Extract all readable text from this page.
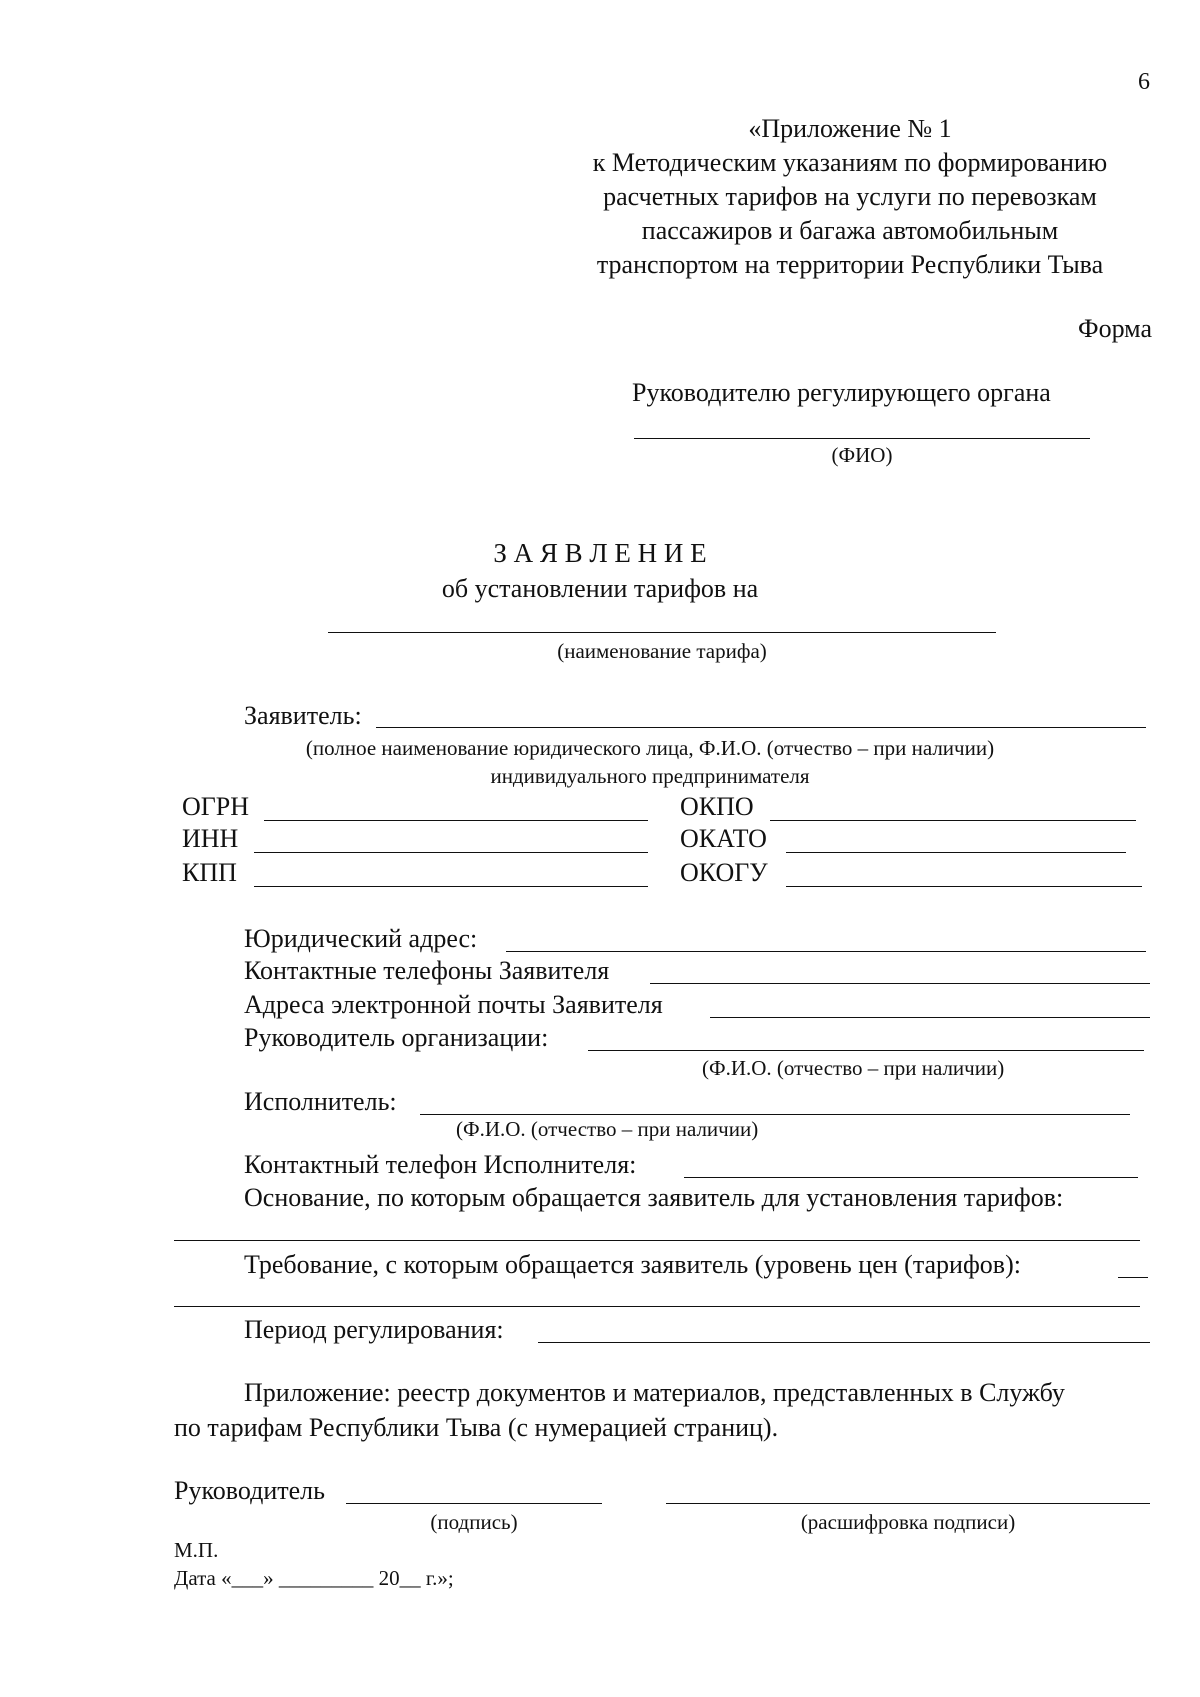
6
«Приложение № 1
к Методическим указаниям по формированию
расчетных тарифов на услуги по перевозкам
пассажиров и багажа автомобильным
транспортом на территории Республики Тыва
Форма
Руководителю регулирующего органа
(ФИО)
З А Я В Л Е Н И Е
об установлении тарифов на
(наименование тарифа)
Заявитель:
(полное наименование юридического лица, Ф.И.О. (отчество – при наличии)
индивидуального предпринимателя
ОГРН	ОКПО
ИНН	ОКАТО
КПП	ОКОГУ
Юридический адрес:
Контактные телефоны Заявителя
Адреса электронной почты Заявителя
Руководитель организации:
(Ф.И.О. (отчество – при наличии)
Исполнитель:
(Ф.И.О. (отчество – при наличии)
Контактный телефон Исполнителя:
Основание, по которым обращается заявитель для установления тарифов:
Требование, с которым обращается заявитель (уровень цен (тарифов):
Период регулирования:
Приложение: реестр документов и материалов, представленных в Службу
по тарифам Республики Тыва (с нумерацией страниц).
Руководитель
(подпись)	(расшифровка подписи)
М.П.
Дата «___» _________ 20__ г.»;
